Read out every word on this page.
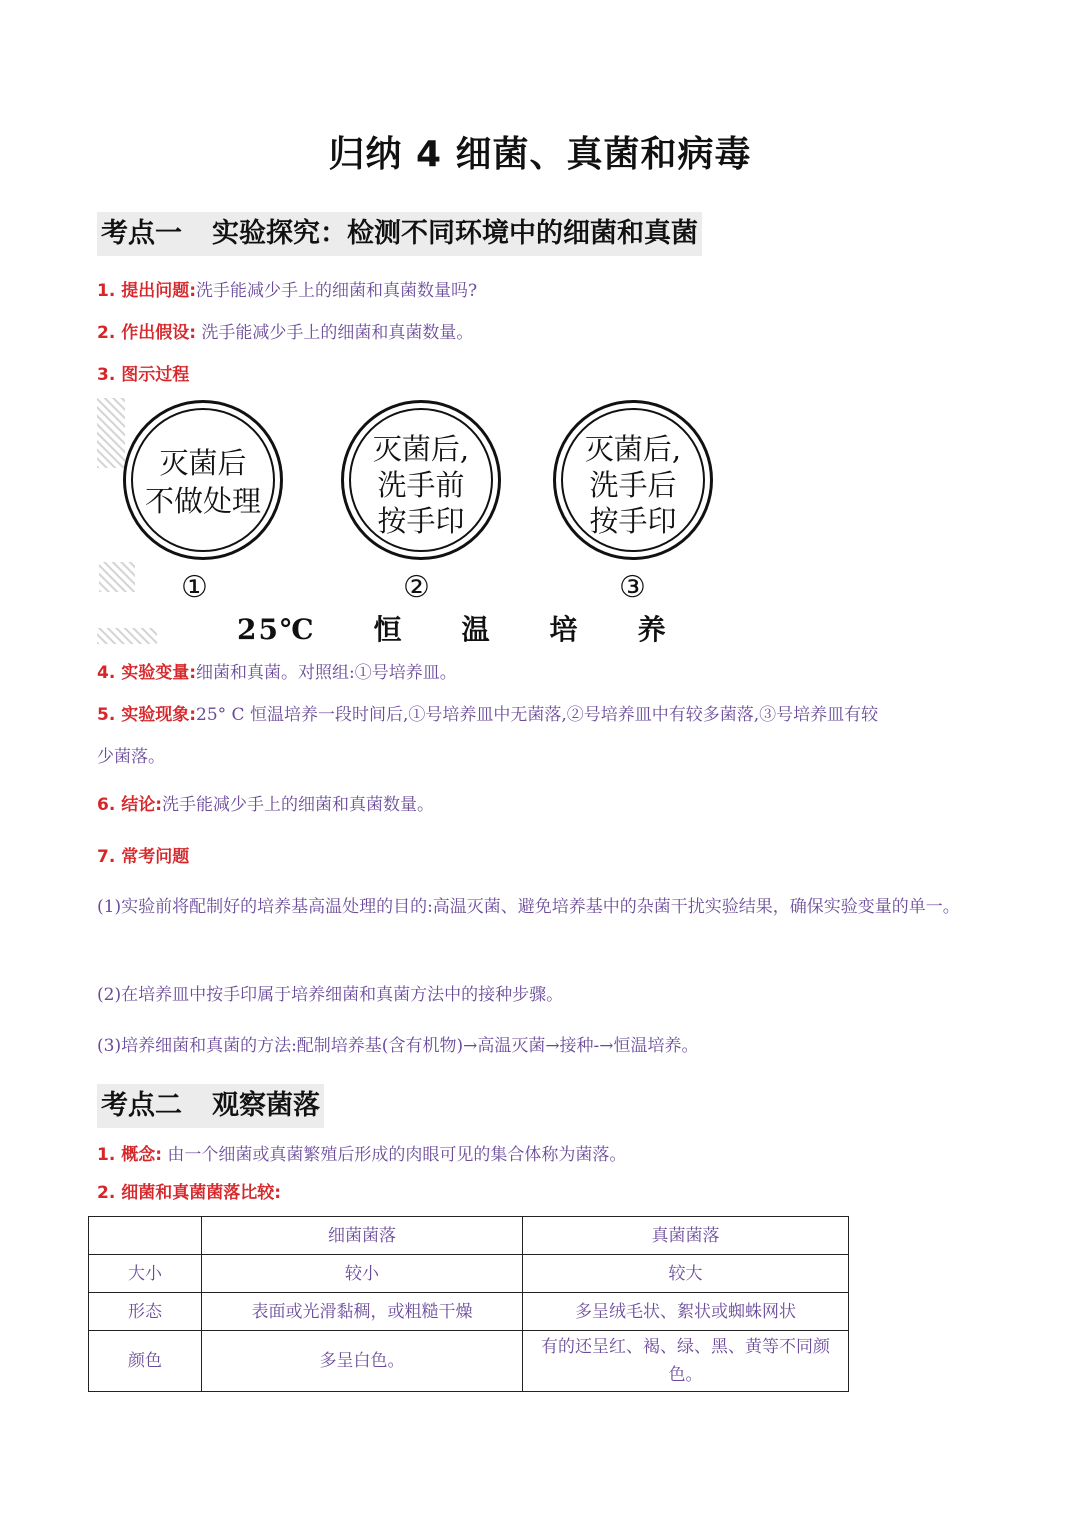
归纳 4 细菌、真菌和病毒
考点一 实验探究：检测不同环境中的细菌和真菌
1. 提出问题:洗手能减少手上的细菌和真菌数量吗?
2. 作出假设: 洗手能减少手上的细菌和真菌数量。
3. 图示过程
灭菌后
不做处理
灭菌后,
洗手前
按手印
灭菌后,
洗手后
按手印
①	②	③
25℃ 恒 温 培 养
4. 实验变量:细菌和真菌。对照组:①号培养皿。
5. 实验现象:25° C 恒温培养一段时间后,①号培养皿中无菌落,②号培养皿中有较多菌落,③号培养皿有较
少菌落。
6. 结论:洗手能减少手上的细菌和真菌数量。
7. 常考问题
(1)实验前将配制好的培养基高温处理的目的:高温灭菌、避免培养基中的杂菌干扰实验结果，确保实验变量的单一。
(2)在培养皿中按手印属于培养细菌和真菌方法中的接种步骤。
(3)培养细菌和真菌的方法:配制培养基(含有机物)→高温灭菌→接种-→恒温培养。
考点二 观察菌落
1. 概念: 由一个细菌或真菌繁殖后形成的肉眼可见的集合体称为菌落。
2. 细菌和真菌菌落比较:
	细菌菌落	真菌菌落
大小	较小	较大
形态	表面或光滑黏稠，或粗糙干燥	多呈绒毛状、絮状或蜘蛛网状
颜色	多呈白色。	有的还呈红、褐、绿、黑、黄等不同颜色。
